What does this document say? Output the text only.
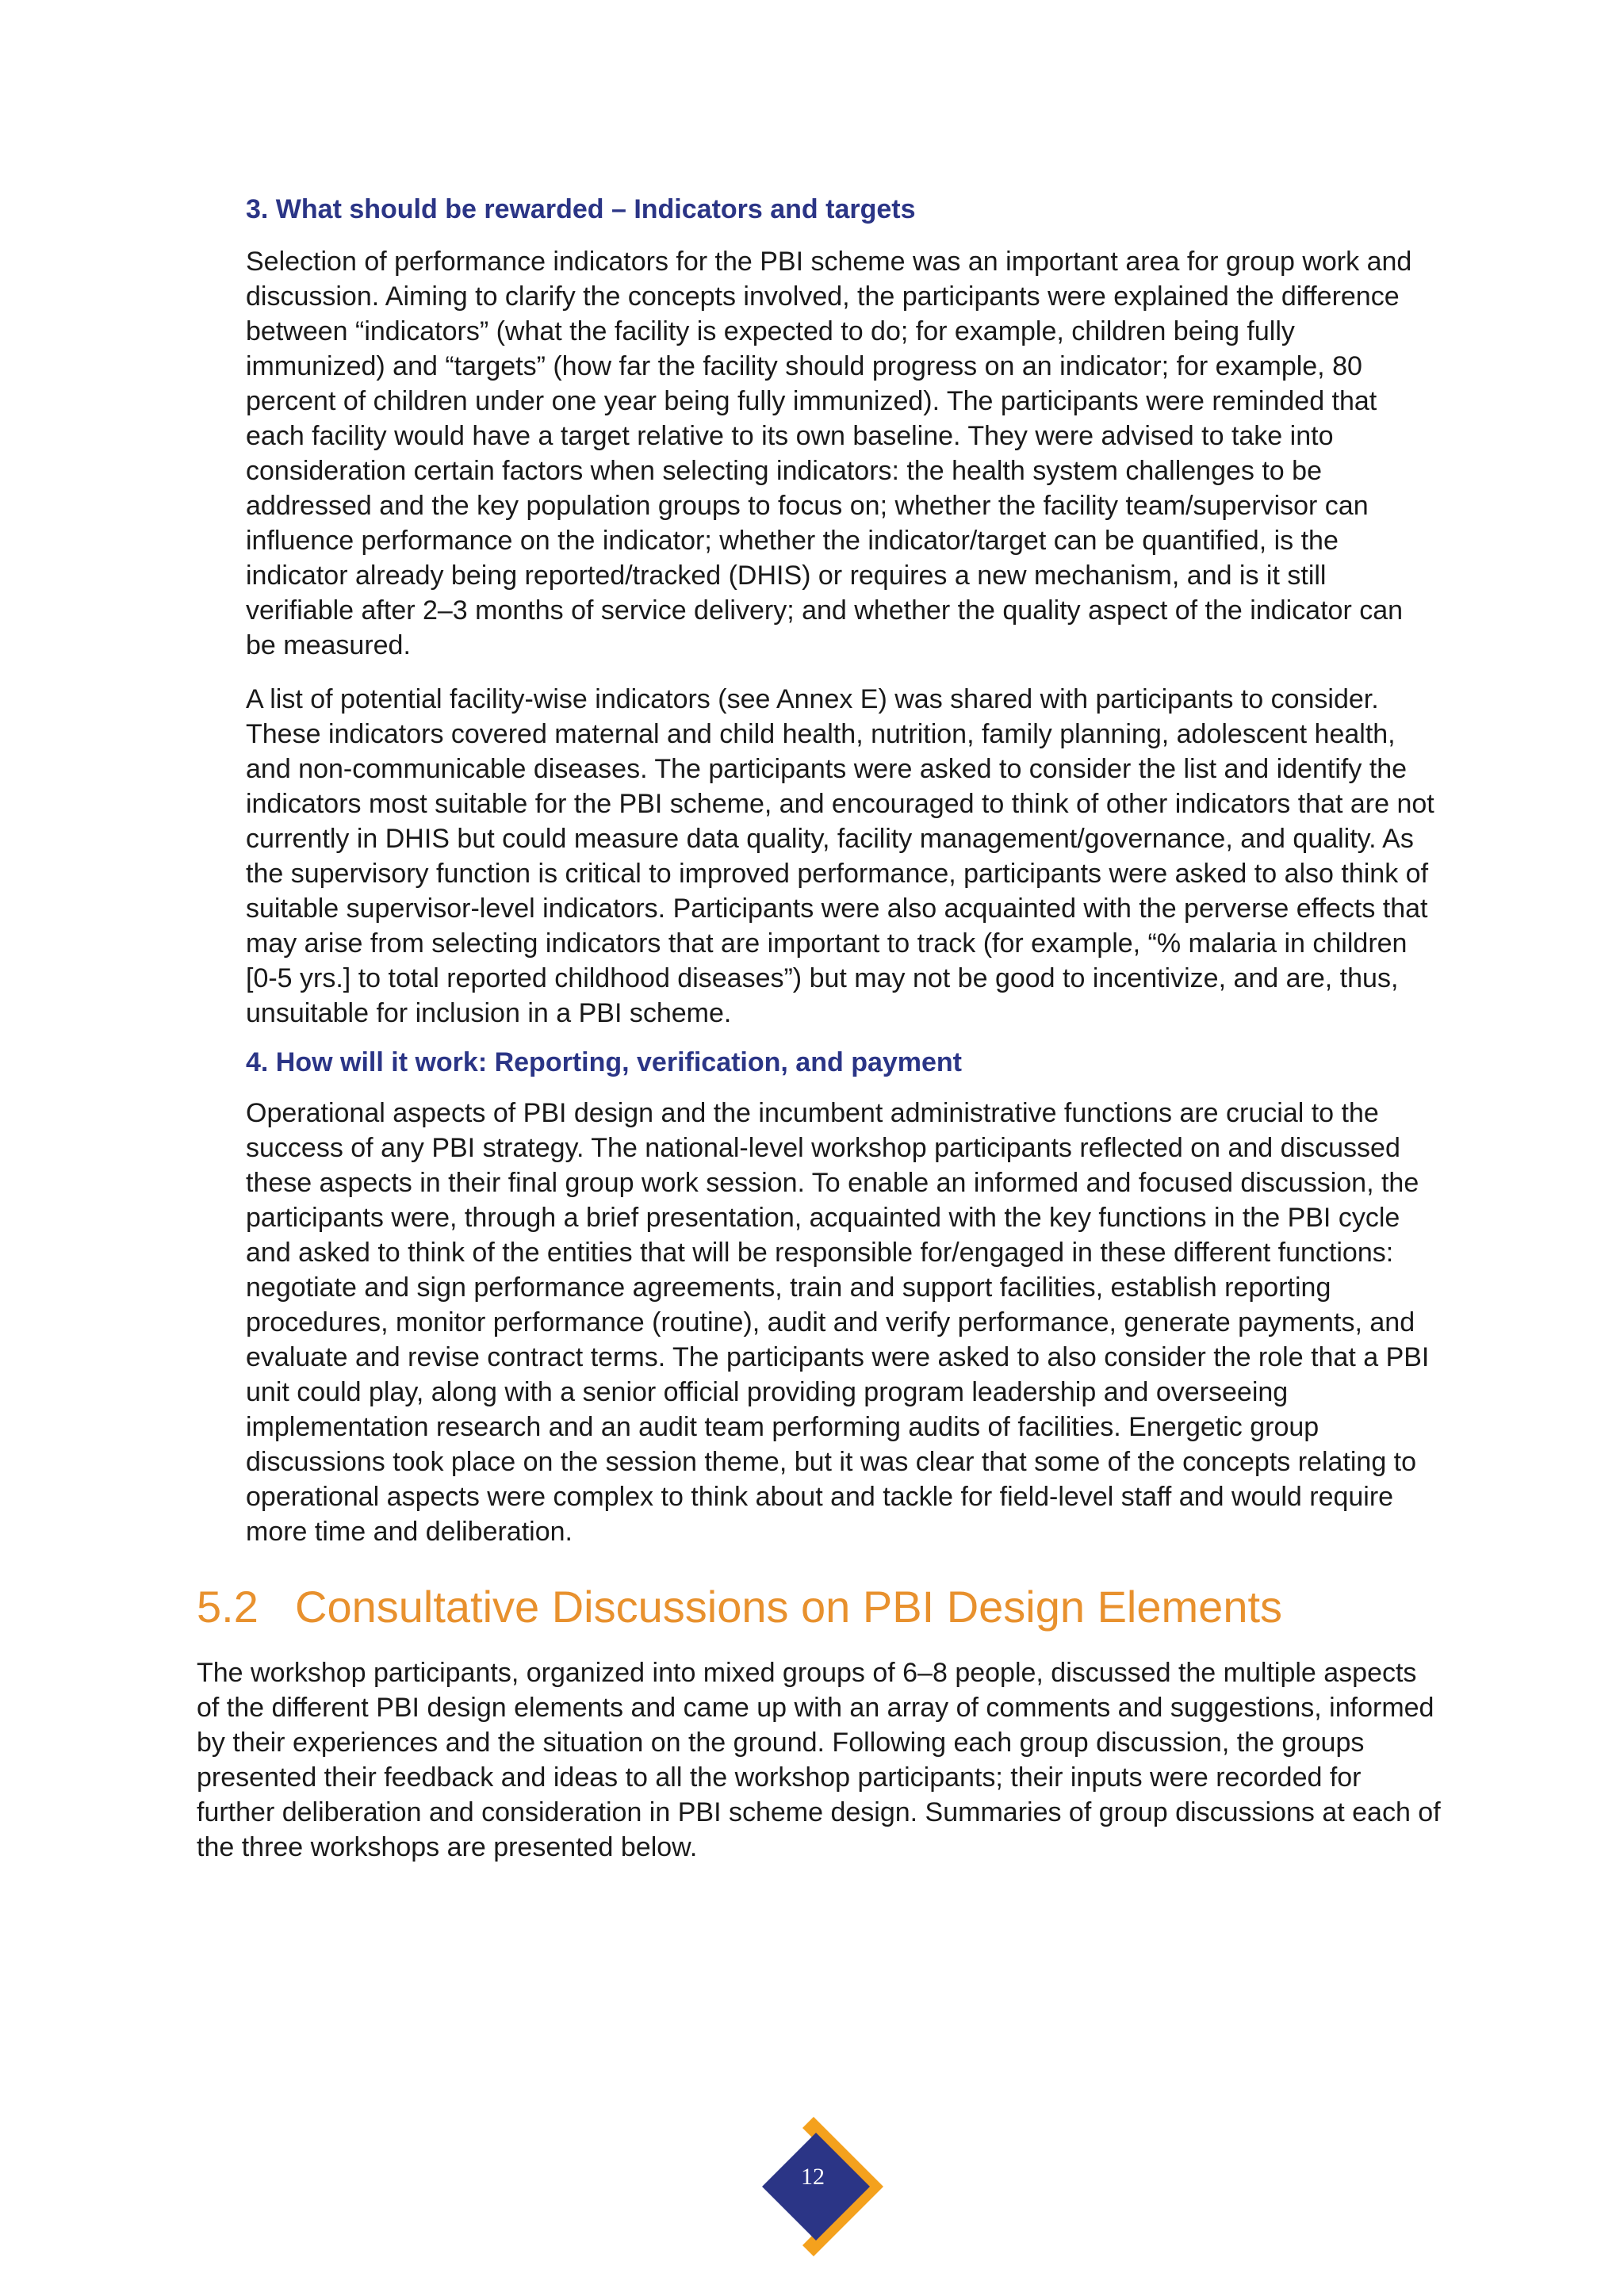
3. What should be rewarded – Indicators and targets

Selection of performance indicators for the PBI scheme was an important area for group work and discussion. Aiming to clarify the concepts involved, the participants were explained the difference between “indicators” (what the facility is expected to do; for example, children being fully immunized) and “targets” (how far the facility should progress on an indicator; for example, 80 percent of children under one year being fully immunized). The participants were reminded that each facility would have a target relative to its own baseline. They were advised to take into consideration certain factors when selecting indicators: the health system challenges to be addressed and the key population groups to focus on; whether the facility team/supervisor can influence performance on the indicator; whether the indicator/target can be quantified, is the indicator already being reported/tracked (DHIS) or requires a new mechanism, and is it still verifiable after 2–3 months of service delivery; and whether the quality aspect of the indicator can be measured.

A list of potential facility-wise indicators (see Annex E) was shared with participants to consider. These indicators covered maternal and child health, nutrition, family planning, adolescent health, and non-communicable diseases. The participants were asked to consider the list and identify the indicators most suitable for the PBI scheme, and encouraged to think of other indicators that are not currently in DHIS but could measure data quality, facility management/governance, and quality. As the supervisory function is critical to improved performance, participants were asked to also think of suitable supervisor-level indicators. Participants were also acquainted with the perverse effects that may arise from selecting indicators that are important to track (for example, “% malaria in children [0-5 yrs.] to total reported childhood diseases”) but may not be good to incentivize, and are, thus, unsuitable for inclusion in a PBI scheme.

4. How will it work: Reporting, verification, and payment

Operational aspects of PBI design and the incumbent administrative functions are crucial to the success of any PBI strategy. The national-level workshop participants reflected on and discussed these aspects in their final group work session. To enable an informed and focused discussion, the participants were, through a brief presentation, acquainted with the key functions in the PBI cycle and asked to think of the entities that will be responsible for/engaged in these different functions: negotiate and sign performance agreements, train and support facilities, establish reporting procedures, monitor performance (routine), audit and verify performance, generate payments, and evaluate and revise contract terms. The participants were asked to also consider the role that a PBI unit could play, along with a senior official providing program leadership and overseeing implementation research and an audit team performing audits of facilities. Energetic group discussions took place on the session theme, but it was clear that some of the concepts relating to operational aspects were complex to think about and tackle for field-level staff and would require more time and deliberation.

5.2 Consultative Discussions on PBI Design Elements

The workshop participants, organized into mixed groups of 6–8 people, discussed the multiple aspects of the different PBI design elements and came up with an array of comments and suggestions, informed by their experiences and the situation on the ground. Following each group discussion, the groups presented their feedback and ideas to all the workshop participants; their inputs were recorded for further deliberation and consideration in PBI scheme design. Summaries of group discussions at each of the three workshops are presented below.

12
